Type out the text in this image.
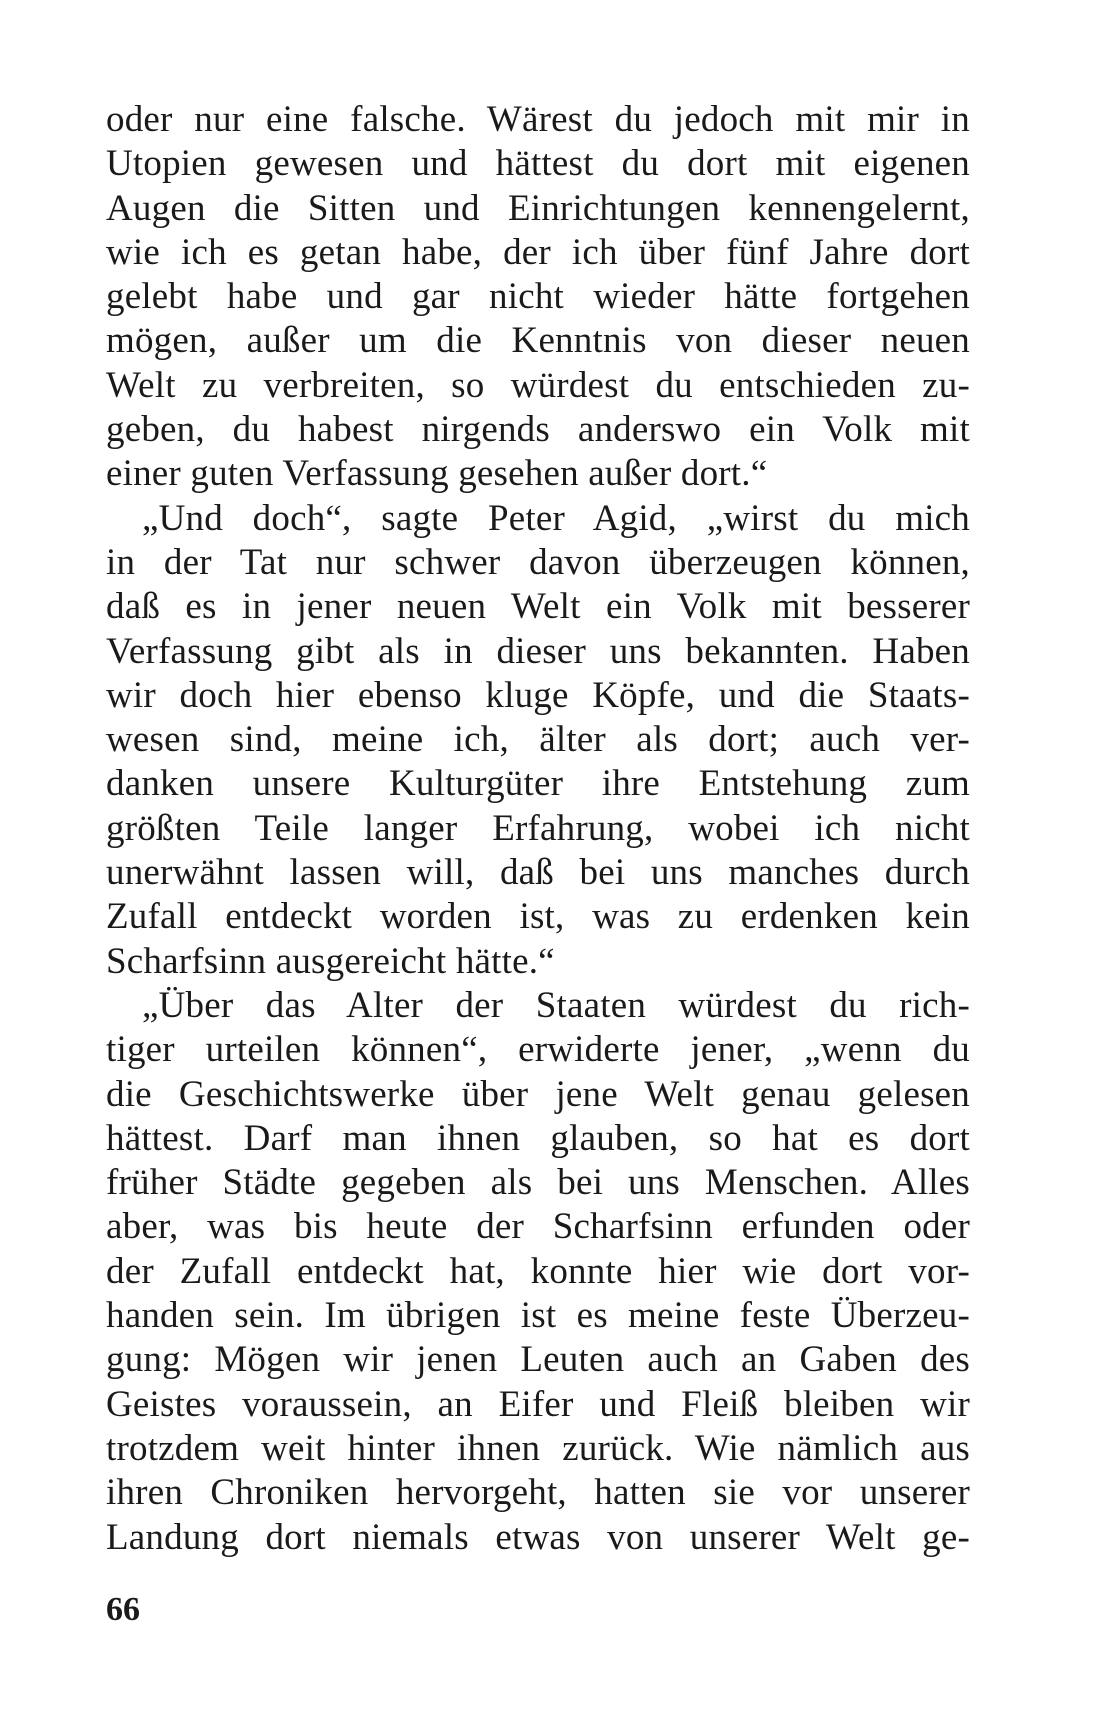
oder nur eine falsche. Wärest du jedoch mit mir in
Utopien gewesen und hättest du dort mit eigenen
Augen die Sitten und Einrichtungen kennengelernt,
wie ich es getan habe, der ich über fünf Jahre dort
gelebt habe und gar nicht wieder hätte fortgehen
mögen, außer um die Kenntnis von dieser neuen
Welt zu verbreiten, so würdest du entschieden zu-
geben, du habest nirgends anderswo ein Volk mit
einer guten Verfassung gesehen außer dort.“
„Und doch“, sagte Peter Agid, „wirst du mich
in der Tat nur schwer davon überzeugen können,
daß es in jener neuen Welt ein Volk mit besserer
Verfassung gibt als in dieser uns bekannten. Haben
wir doch hier ebenso kluge Köpfe, und die Staats-
wesen sind, meine ich, älter als dort; auch ver-
danken unsere Kulturgüter ihre Entstehung zum
größten Teile langer Erfahrung, wobei ich nicht
unerwähnt lassen will, daß bei uns manches durch
Zufall entdeckt worden ist, was zu erdenken kein
Scharfsinn ausgereicht hätte.“
„Über das Alter der Staaten würdest du rich-
tiger urteilen können“, erwiderte jener, „wenn du
die Geschichtswerke über jene Welt genau gelesen
hättest. Darf man ihnen glauben, so hat es dort
früher Städte gegeben als bei uns Menschen. Alles
aber, was bis heute der Scharfsinn erfunden oder
der Zufall entdeckt hat, konnte hier wie dort vor-
handen sein. Im übrigen ist es meine feste Überzeu-
gung: Mögen wir jenen Leuten auch an Gaben des
Geistes voraussein, an Eifer und Fleiß bleiben wir
trotzdem weit hinter ihnen zurück. Wie nämlich aus
ihren Chroniken hervorgeht, hatten sie vor unserer
Landung dort niemals etwas von unserer Welt ge-
66
